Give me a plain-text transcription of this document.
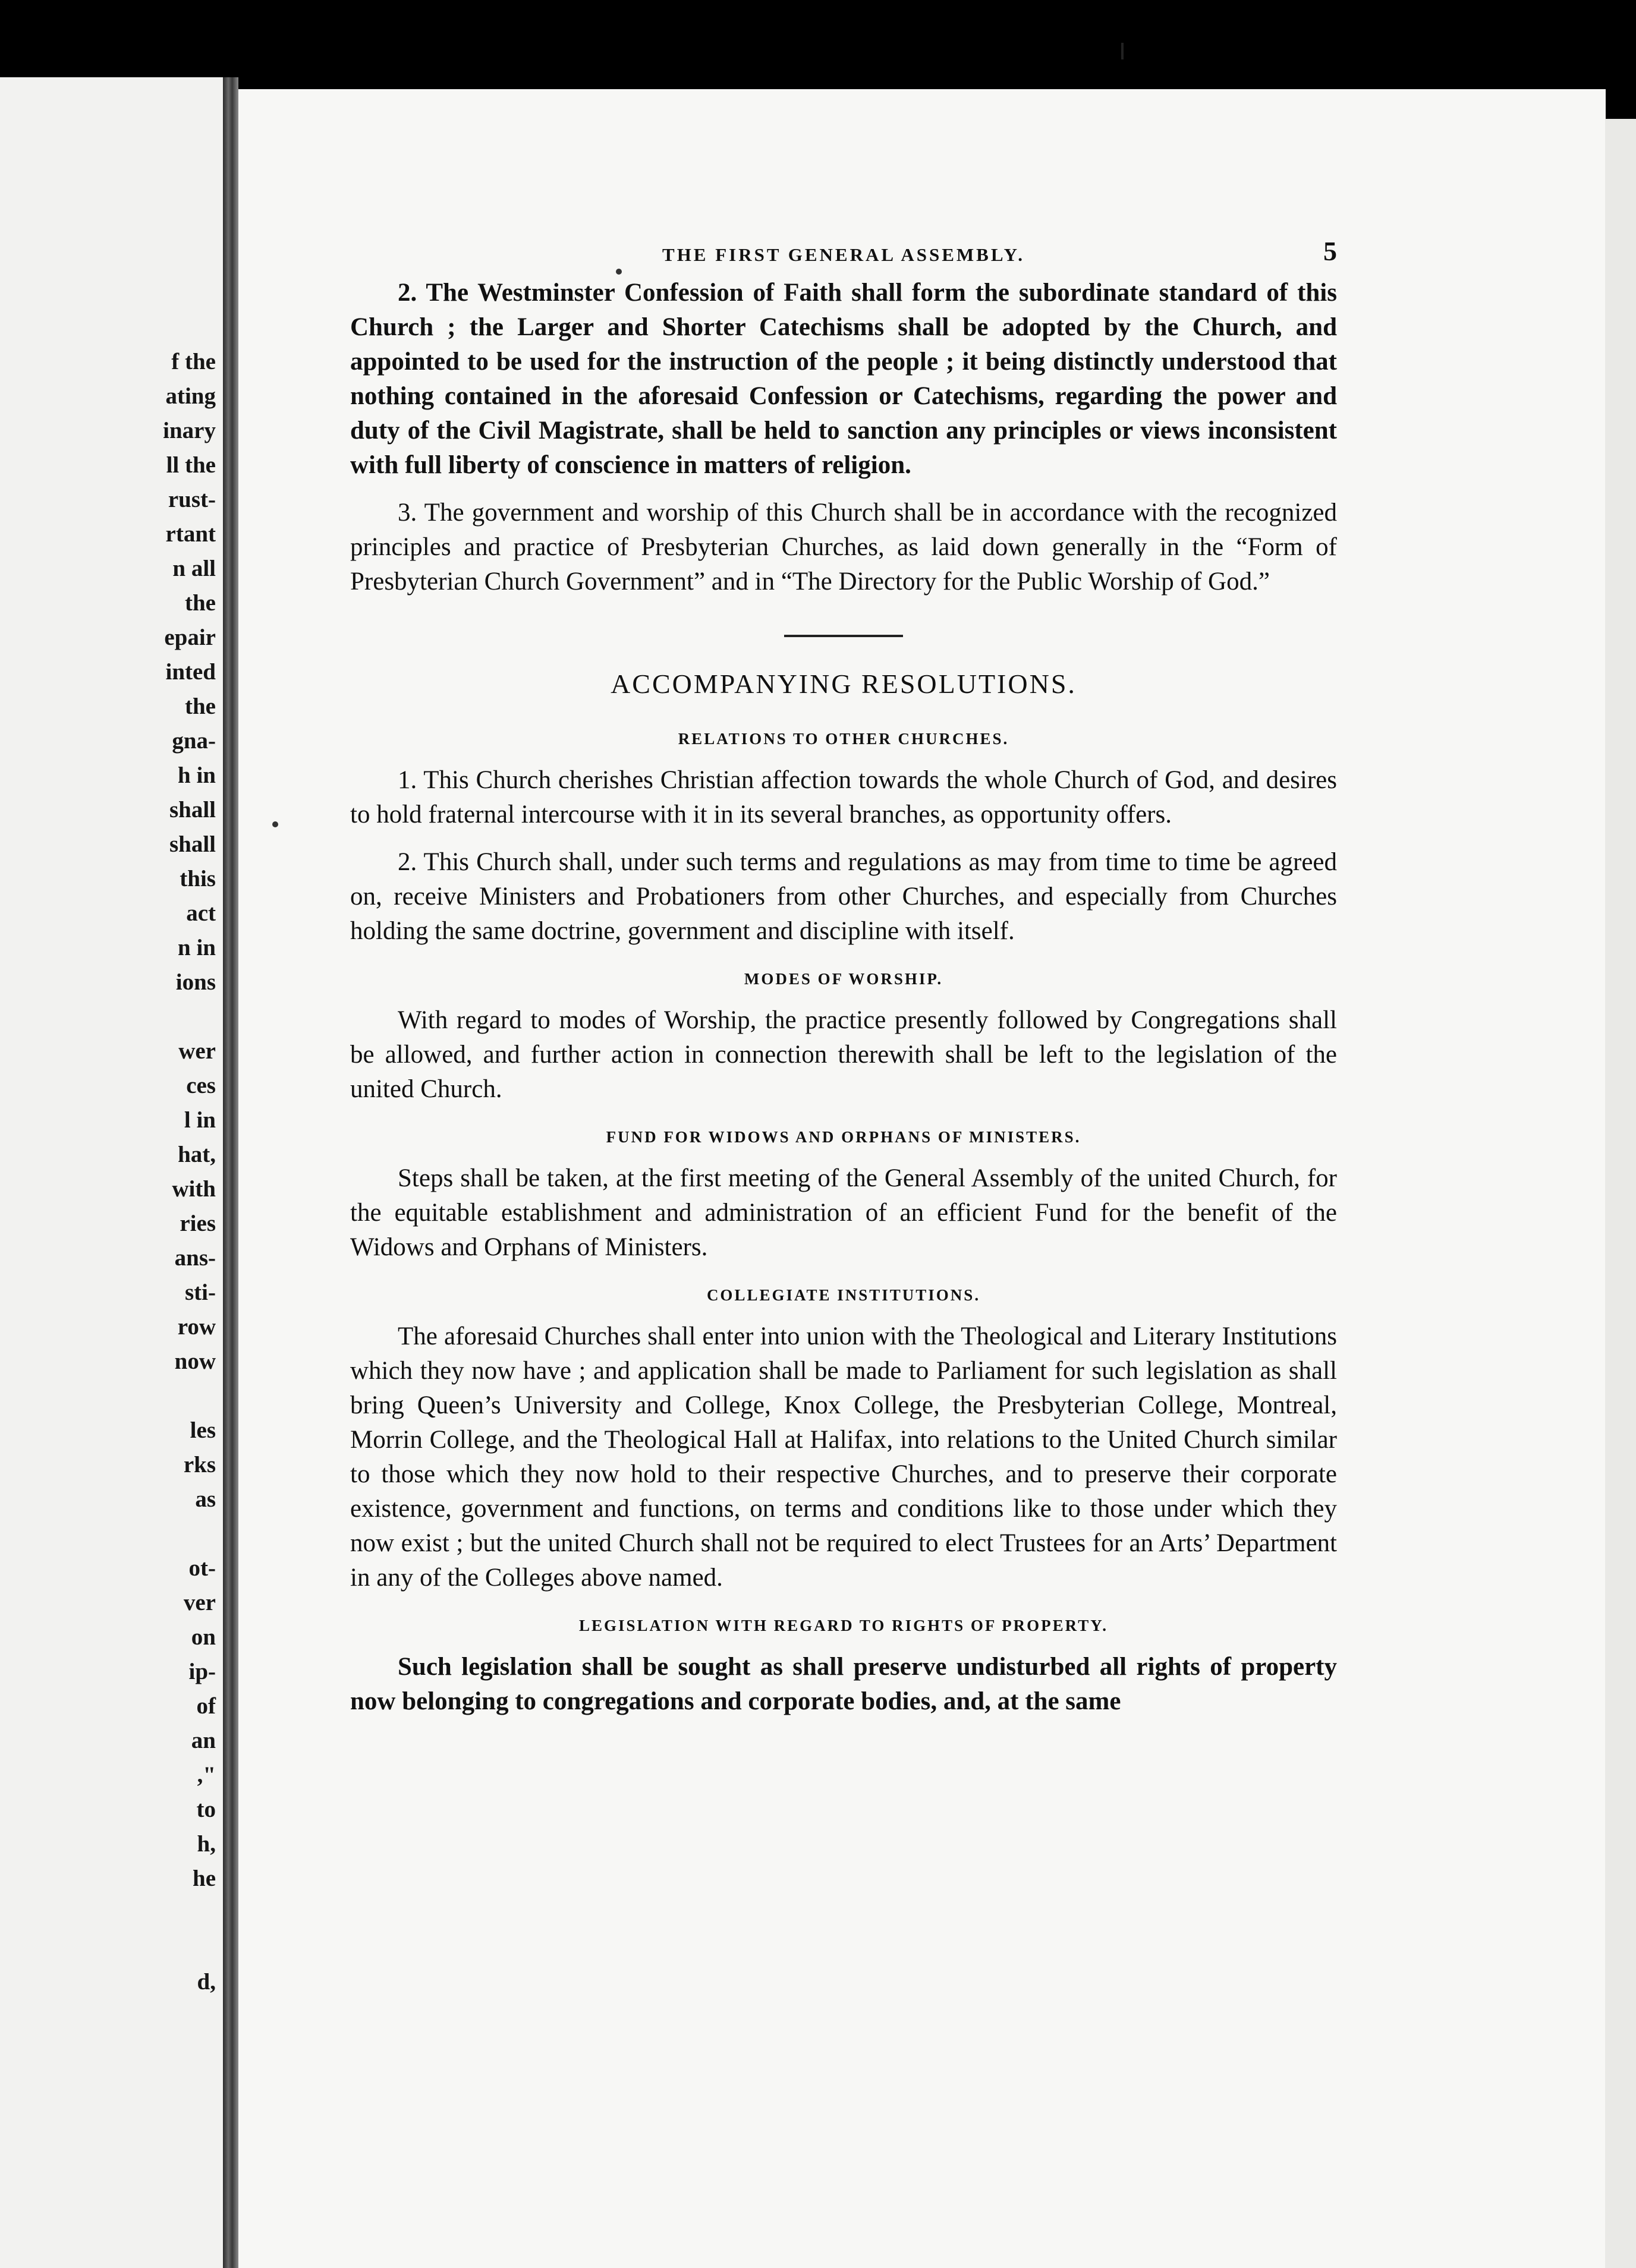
f the
ating
inary
ll the
rust-
rtant
n all
the
epair
inted
the
gna-
h in
shall
shall
this
act
n in
ions
wer
ces
l in
hat,
with
ries
ans-
sti-
row
now
les
rks
as
ot-
ver
on
ip-
of
an
,"
to
h,
he
d,
THE FIRST GENERAL ASSEMBLY.	5

2. The Westminster Confession of Faith shall form the subordinate standard of this Church ; the Larger and Shorter Catechisms shall be adopted by the Church, and appointed to be used for the instruction of the people ; it being distinctly understood that nothing contained in the aforesaid Confession or Catechisms, regarding the power and duty of the Civil Magistrate, shall be held to sanction any principles or views inconsistent with full liberty of conscience in matters of religion.

3. The government and worship of this Church shall be in accordance with the recognized principles and practice of Presbyterian Churches, as laid down generally in the “Form of Presbyterian Church Government” and in “The Directory for the Public Worship of God.”

ACCOMPANYING RESOLUTIONS.
RELATIONS TO OTHER CHURCHES.

1. This Church cherishes Christian affection towards the whole Church of God, and desires to hold fraternal intercourse with it in its several branches, as opportunity offers.

2. This Church shall, under such terms and regulations as may from time to time be agreed on, receive Ministers and Probationers from other Churches, and especially from Churches holding the same doctrine, government and discipline with itself.

MODES OF WORSHIP.

With regard to modes of Worship, the practice presently followed by Congregations shall be allowed, and further action in connection therewith shall be left to the legislation of the united Church.

FUND FOR WIDOWS AND ORPHANS OF MINISTERS.

Steps shall be taken, at the first meeting of the General Assembly of the united Church, for the equitable establishment and administration of an efficient Fund for the benefit of the Widows and Orphans of Ministers.

COLLEGIATE INSTITUTIONS.

The aforesaid Churches shall enter into union with the Theological and Literary Institutions which they now have ; and application shall be made to Parliament for such legislation as shall bring Queen’s University and College, Knox College, the Presbyterian College, Montreal, Morrin College, and the Theological Hall at Halifax, into relations to the United Church similar to those which they now hold to their respective Churches, and to preserve their corporate existence, government and functions, on terms and conditions like to those under which they now exist ; but the united Church shall not be required to elect Trustees for an Arts’ Department in any of the Colleges above named.

LEGISLATION WITH REGARD TO RIGHTS OF PROPERTY.

Such legislation shall be sought as shall preserve undisturbed all rights of property now belonging to congregations and corporate bodies, and, at the same
